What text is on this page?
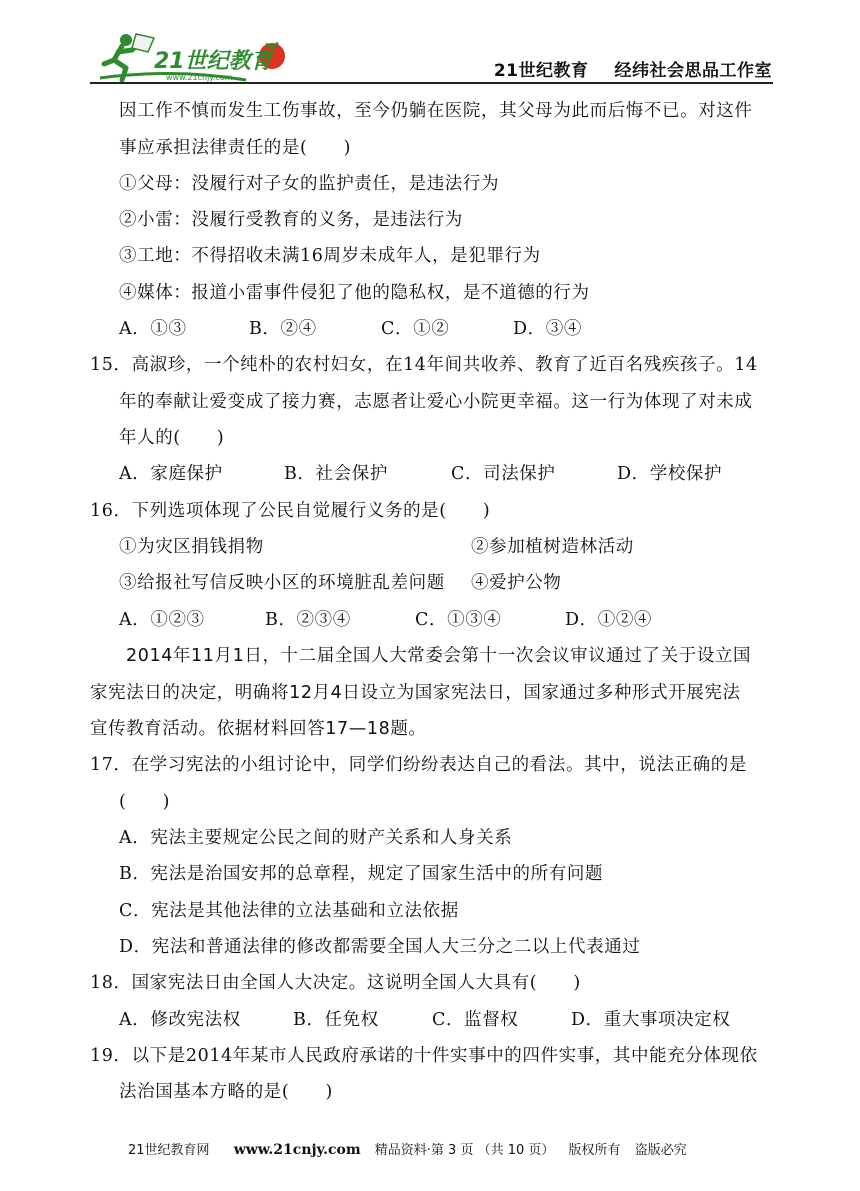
21世纪教育
www.21cnjy.com	21世纪教育 经纬社会思品工作室
因工作不慎而发生工伤事故，至今仍躺在医院，其父母为此而后悔不已。对这件
事应承担法律责任的是(　　)
①父母：没履行对子女的监护责任，是违法行为
②小雷：没履行受教育的义务，是违法行为
③工地：不得招收未满16周岁未成年人，是犯罪行为
④媒体：报道小雷事件侵犯了他的隐私权，是不道德的行为
A．①③	B．②④	C．①②	D．③④
15．高淑珍，一个纯朴的农村妇女，在14年间共收养、教育了近百名残疾孩子。14
年的奉献让爱变成了接力赛，志愿者让爱心小院更幸福。这一行为体现了对未成
年人的(　　)
A．家庭保护	B．社会保护	C．司法保护	D．学校保护
16．下列选项体现了公民自觉履行义务的是(　　)
①为灾区捐钱捐物	②参加植树造林活动
③给报社写信反映小区的环境脏乱差问题 ④爱护公物
A．①②③	B．②③④	C．①③④	D．①②④
2014年11月1日，十二届全国人大常委会第十一次会议审议通过了关于设立国
家宪法日的决定，明确将12月4日设立为国家宪法日，国家通过多种形式开展宪法
宣传教育活动。依据材料回答17—18题。
17．在学习宪法的小组讨论中，同学们纷纷表达自己的看法。其中，说法正确的是
(　　)
A．宪法主要规定公民之间的财产关系和人身关系
B．宪法是治国安邦的总章程，规定了国家生活中的所有问题
C．宪法是其他法律的立法基础和立法依据
D．宪法和普通法律的修改都需要全国人大三分之二以上代表通过
18．国家宪法日由全国人大决定。这说明全国人大具有(　　)
A．修改宪法权	B．任免权	C．监督权	D．重大事项决定权
19．以下是2014年某市人民政府承诺的十件实事中的四件实事，其中能充分体现依
法治国基本方略的是(　　)
21世纪教育网 www.21cnjy.com 精品资料·第 3 页 （共 10 页） 版权所有 盗版必究
